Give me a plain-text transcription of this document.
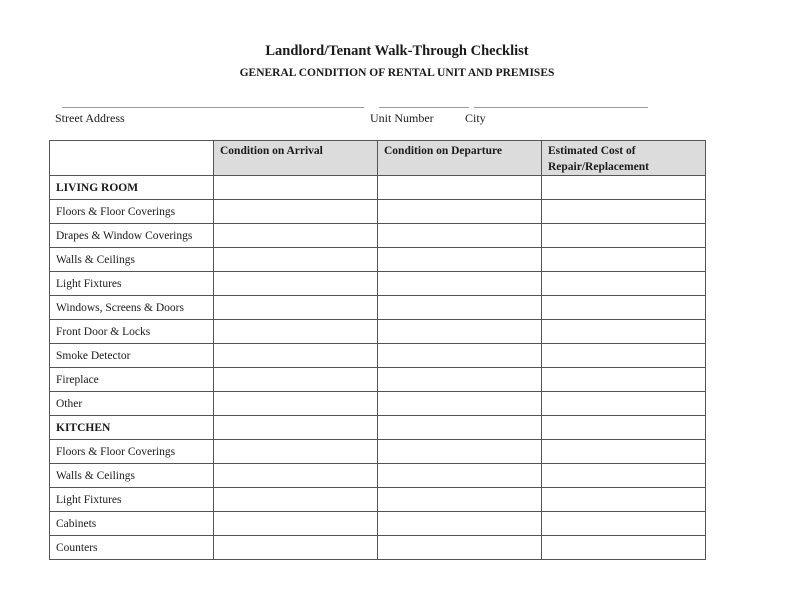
Landlord/Tenant Walk-Through Checklist
GENERAL CONDITION OF RENTAL UNIT AND PREMISES
Street Address	Unit Number	City
	Condition on Arrival	Condition on Departure	Estimated Cost of Repair/Replacement
LIVING ROOM			
Floors & Floor Coverings			
Drapes & Window Coverings			
Walls & Ceilings			
Light Fixtures			
Windows, Screens & Doors			
Front Door & Locks			
Smoke Detector			
Fireplace			
Other			
KITCHEN			
Floors & Floor Coverings			
Walls & Ceilings			
Light Fixtures			
Cabinets			
Counters			
